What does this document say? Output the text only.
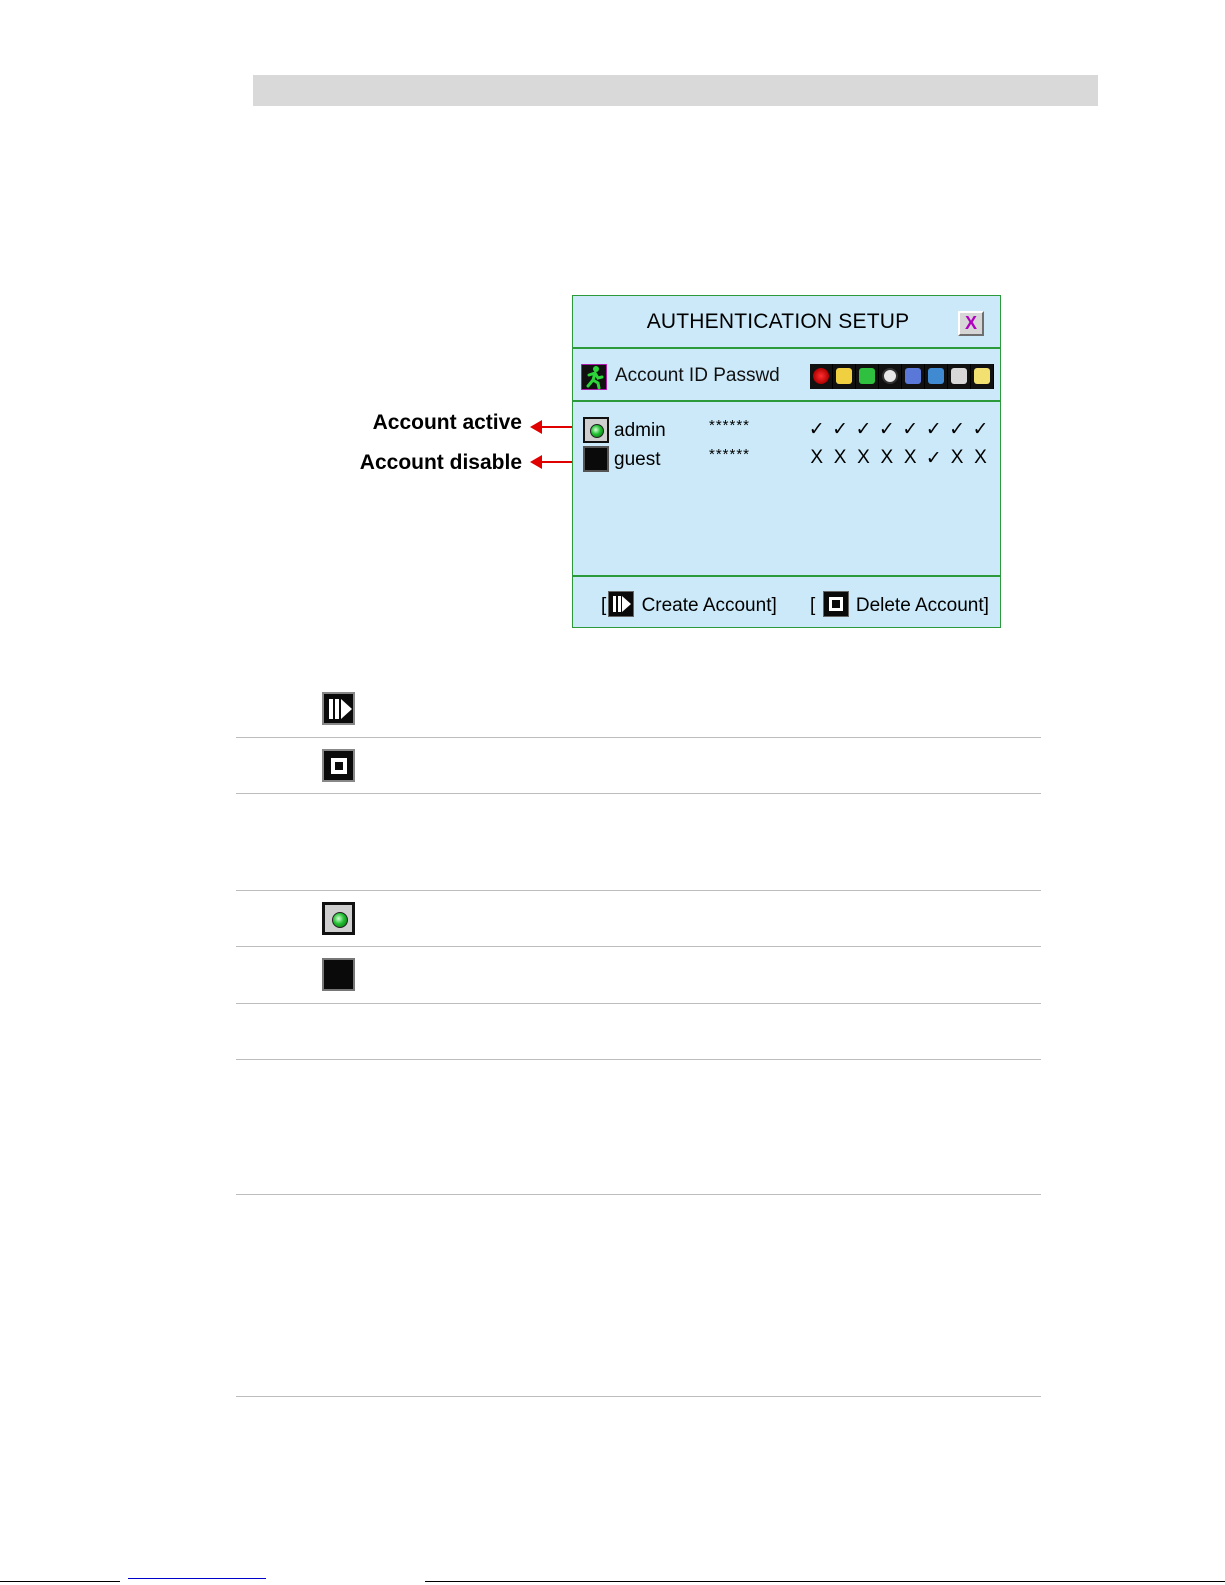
Account active
Account disable
AUTHENTICATION SETUP	X
Account ID Passwd
admin	******	✓ ✓ ✓ ✓ ✓ ✓ ✓ ✓
guest	******	X X X X X ✓ X X
[ Create Account] [ Delete Account]
